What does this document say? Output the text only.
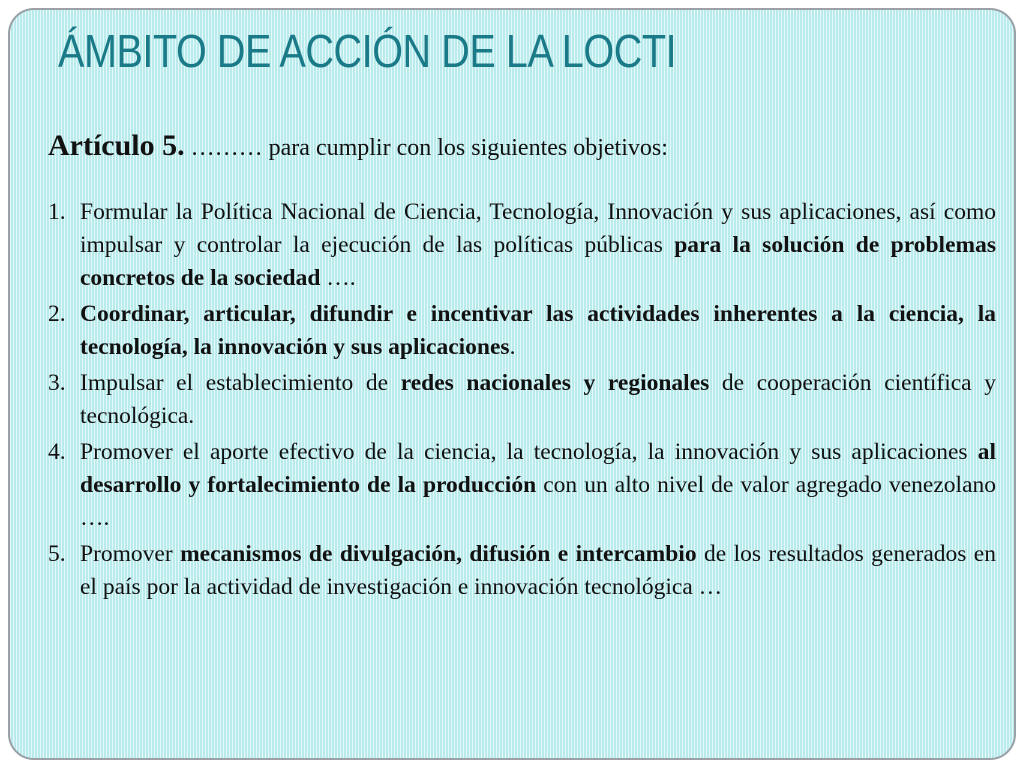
ÁMBITO DE ACCIÓN DE LA LOCTI

Artículo 5. ……… para cumplir con los siguientes objetivos:

1. Formular la Política Nacional de Ciencia, Tecnología, Innovación y sus aplicaciones, así como impulsar y controlar la ejecución de las políticas públicas para la solución de problemas concretos de la sociedad ….

2. Coordinar, articular, difundir e incentivar las actividades inherentes a la ciencia, la tecnología, la innovación y sus aplicaciones.

3. Impulsar el establecimiento de redes nacionales y regionales de cooperación científica y tecnológica.

4. Promover el aporte efectivo de la ciencia, la tecnología, la innovación y sus aplicaciones al desarrollo y fortalecimiento de la producción con un alto nivel de valor agregado venezolano ….

5. Promover mecanismos de divulgación, difusión e intercambio de los resultados generados en el país por la actividad de investigación e innovación tecnológica …
